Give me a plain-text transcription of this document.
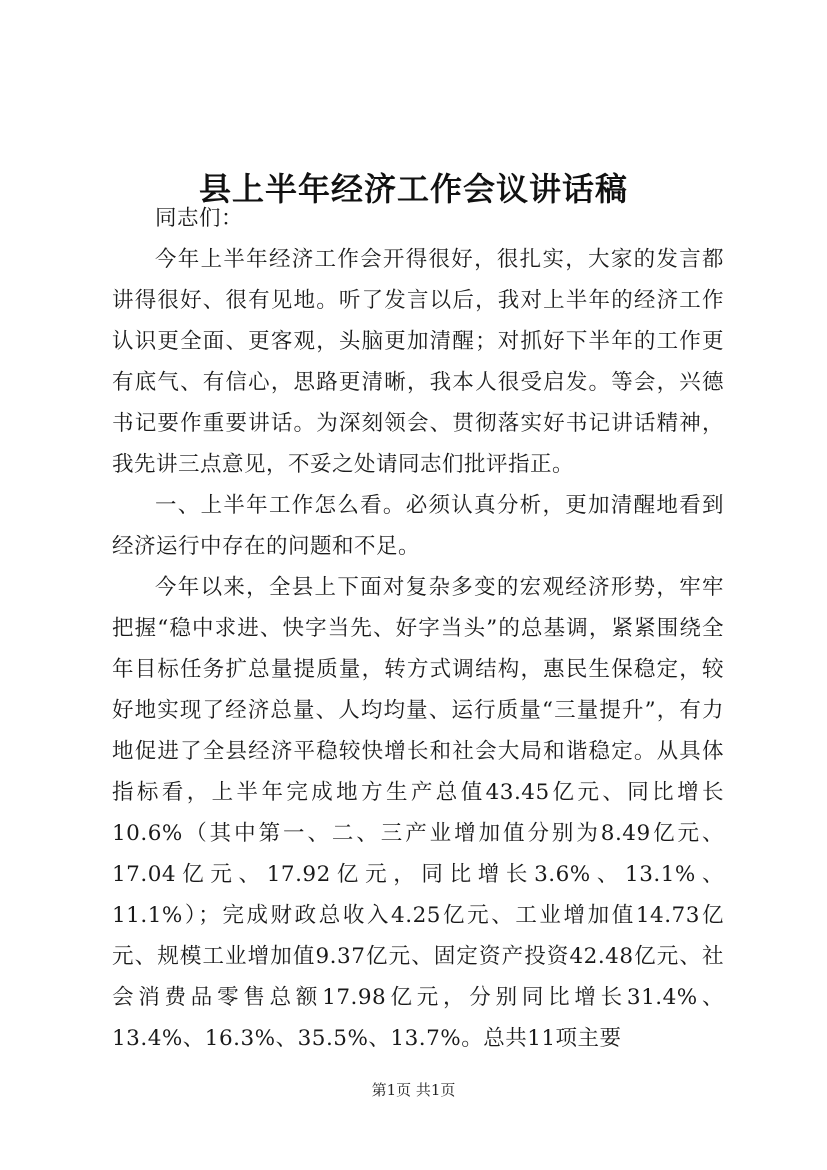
县上半年经济工作会议讲话稿

同志们：

今年上半年经济工作会开得很好，很扎实，大家的发言都讲得很好、很有见地。听了发言以后，我对上半年的经济工作认识更全面、更客观，头脑更加清醒；对抓好下半年的工作更有底气、有信心，思路更清晰，我本人很受启发。等会，兴德书记要作重要讲话。为深刻领会、贯彻落实好书记讲话精神，我先讲三点意见，不妥之处请同志们批评指正。

一、上半年工作怎么看。必须认真分析，更加清醒地看到经济运行中存在的问题和不足。

今年以来，全县上下面对复杂多变的宏观经济形势，牢牢把握“稳中求进、快字当先、好字当头”的总基调，紧紧围绕全年目标任务扩总量提质量，转方式调结构，惠民生保稳定，较好地实现了经济总量、人均均量、运行质量“三量提升”，有力地促进了全县经济平稳较快增长和社会大局和谐稳定。从具体指标看，上半年完成地方生产总值43.45亿元、同比增长10.6%（其中第一、二、三产业增加值分别为8.49亿元、17.04亿元、17.92亿元，同比增长3.6%、13.1%、11.1%）；完成财政总收入4.25亿元、工业增加值14.73亿元、规模工业增加值9.37亿元、固定资产投资42.48亿元、社会消费品零售总额17.98亿元，分别同比增长31.4%、13.4%、16.3%、35.5%、13.7%。总共11项主要

第1页 共1页
